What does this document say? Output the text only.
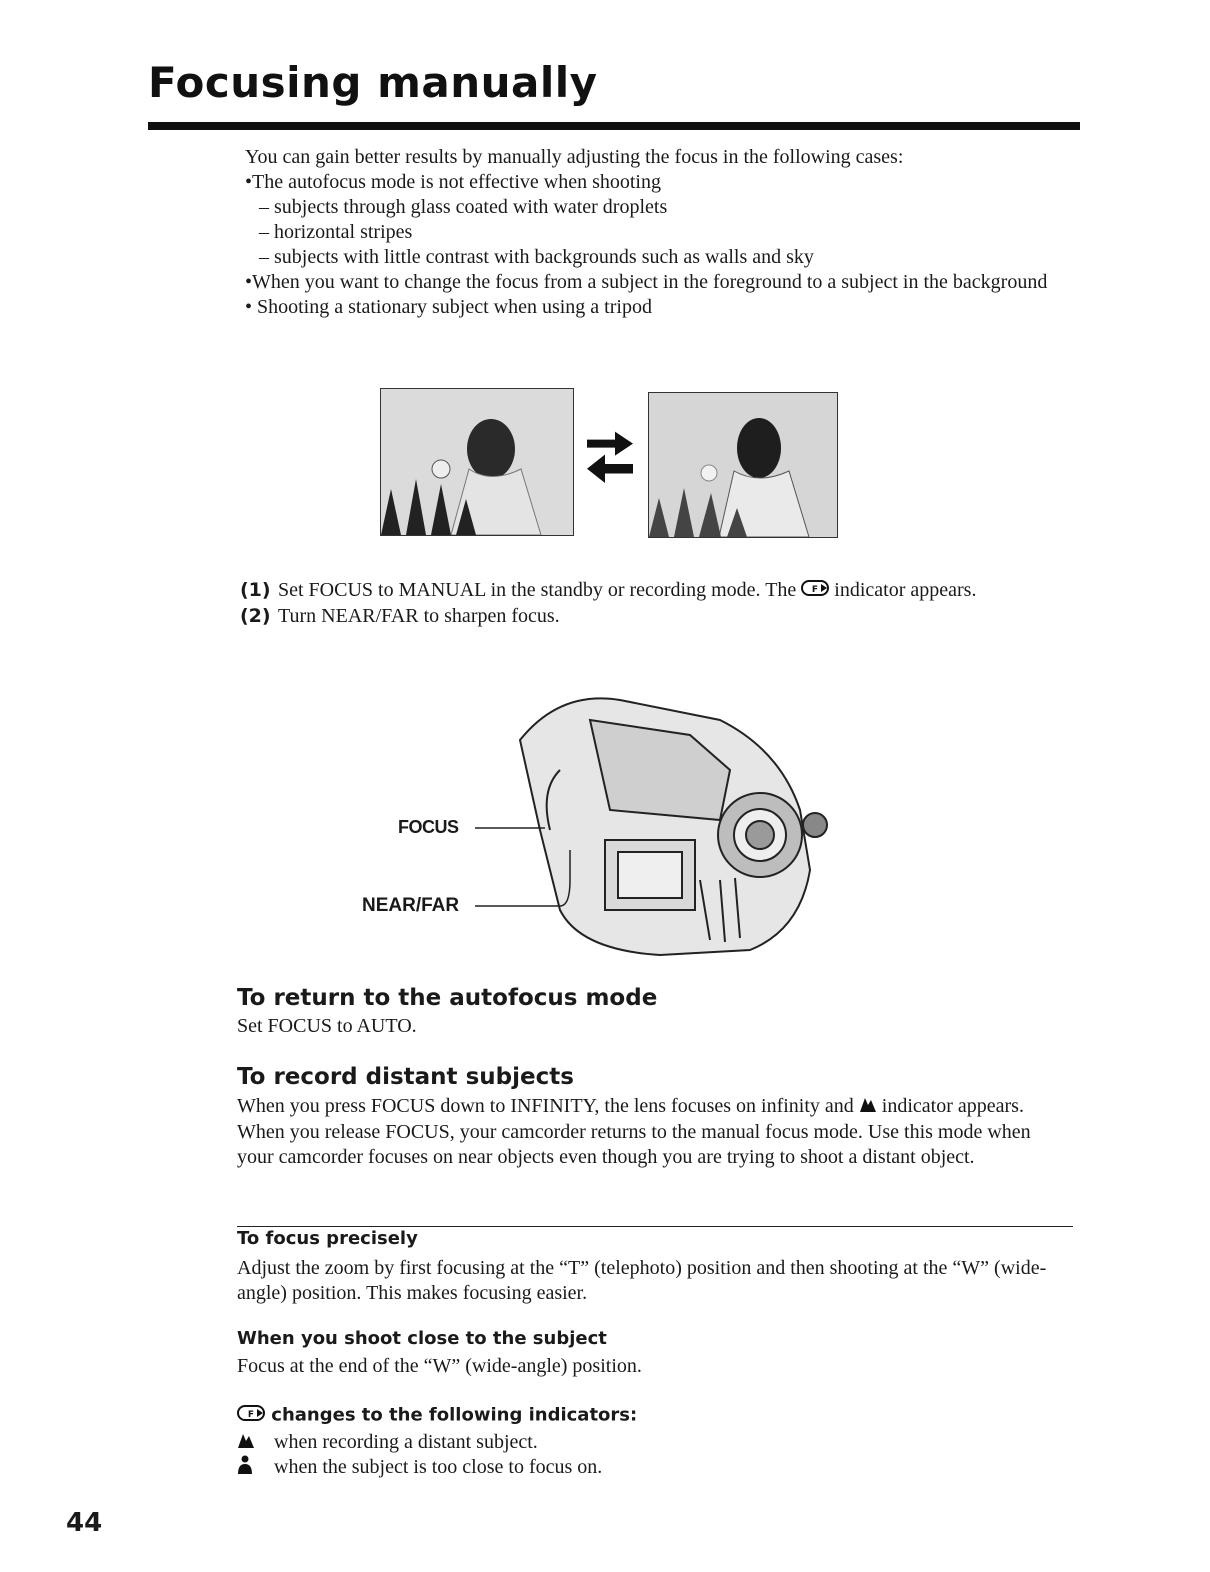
Focusing manually

You can gain better results by manually adjusting the focus in the following cases:

•The autofocus mode is not effective when shooting

– subjects through glass coated with water droplets

– horizontal stripes

– subjects with little contrast with backgrounds such as walls and sky

•When you want to change the focus from a subject in the foreground to a subject in the background

• Shooting a stationary subject when using a tripod

(1) Set FOCUS to MANUAL in the standby or recording mode. The F indicator appears.

(2) Turn NEAR/FAR to sharpen focus.

FOCUS
NEAR/FAR
To return to the autofocus mode
Set FOCUS to AUTO.
To record distant subjects
When you press FOCUS down to INFINITY, the lens focuses on infinity and indicator appears. When you release FOCUS, your camcorder returns to the manual focus mode. Use this mode when your camcorder focuses on near objects even though you are trying to shoot a distant object.
To focus precisely
Adjust the zoom by first focusing at the “T” (telephoto) position and then shooting at the “W” (wide-angle) position. This makes focusing easier.
When you shoot close to the subject
Focus at the end of the “W” (wide-angle) position.
F changes to the following indicators:
when recording a distant subject.
when the subject is too close to focus on.
44
